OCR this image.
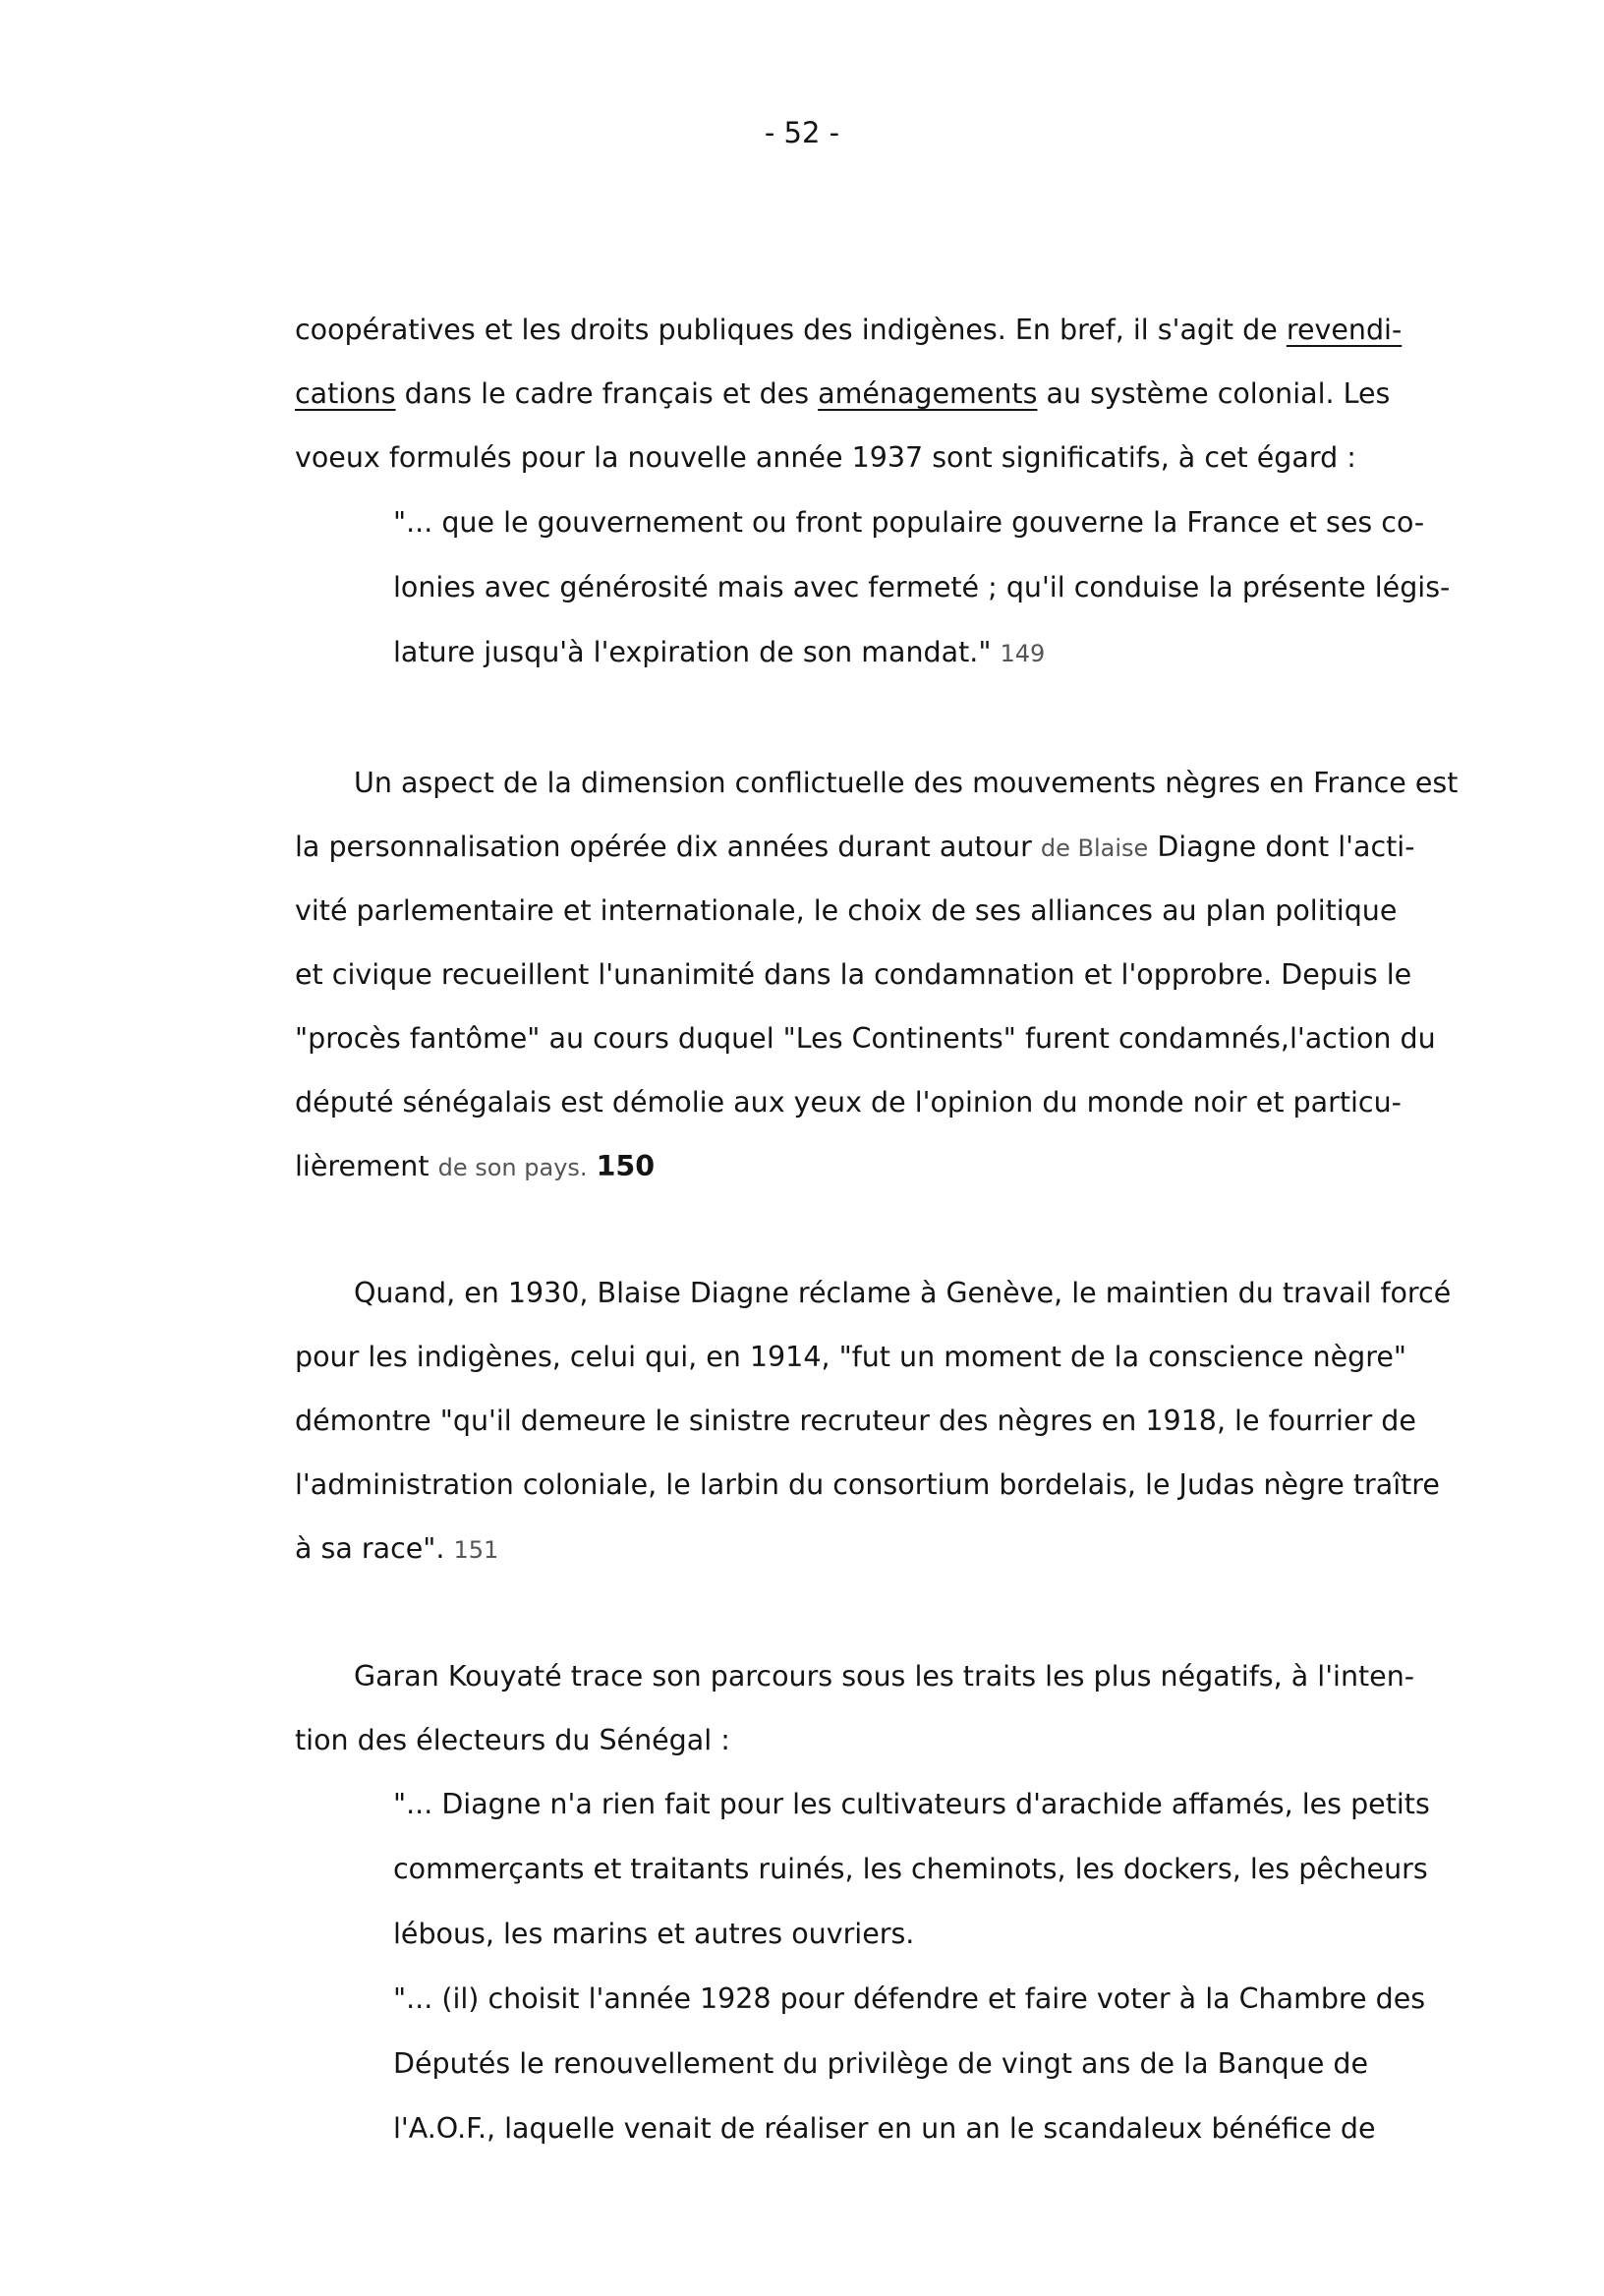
- 52 -
coopératives et les droits publiques des indigènes. En bref, il s'agit de revendi-
cations dans le cadre français et des aménagements au système colonial. Les
voeux formulés pour la nouvelle année 1937 sont significatifs, à cet égard :
"... que le gouvernement ou front populaire gouverne la France et ses co-
lonies avec générosité mais avec fermeté ; qu'il conduise la présente légis-
lature jusqu'à l'expiration de son mandat." 149
Un aspect de la dimension conflictuelle des mouvements nègres en France est
la personnalisation opérée dix années durant autour de Blaise Diagne dont l'acti-
vité parlementaire et internationale, le choix de ses alliances au plan politique
et civique recueillent l'unanimité dans la condamnation et l'opprobre. Depuis le
"procès fantôme" au cours duquel "Les Continents" furent condamnés,l'action du
député sénégalais est démolie aux yeux de l'opinion du monde noir et particu-
lièrement de son pays. 150
Quand, en 1930, Blaise Diagne réclame à Genève, le maintien du travail forcé
pour les indigènes, celui qui, en 1914, "fut un moment de la conscience nègre"
démontre "qu'il demeure le sinistre recruteur des nègres en 1918, le fourrier de
l'administration coloniale, le larbin du consortium bordelais, le Judas nègre traître
à sa race". 151
Garan Kouyaté trace son parcours sous les traits les plus négatifs, à l'inten-
tion des électeurs du Sénégal :
"... Diagne n'a rien fait pour les cultivateurs d'arachide affamés, les petits
commerçants et traitants ruinés, les cheminots, les dockers, les pêcheurs
lébous, les marins et autres ouvriers.
"... (il) choisit l'année 1928 pour défendre et faire voter à la Chambre des
Députés le renouvellement du privilège de vingt ans de la Banque de
l'A.O.F., laquelle venait de réaliser en un an le scandaleux bénéfice de
